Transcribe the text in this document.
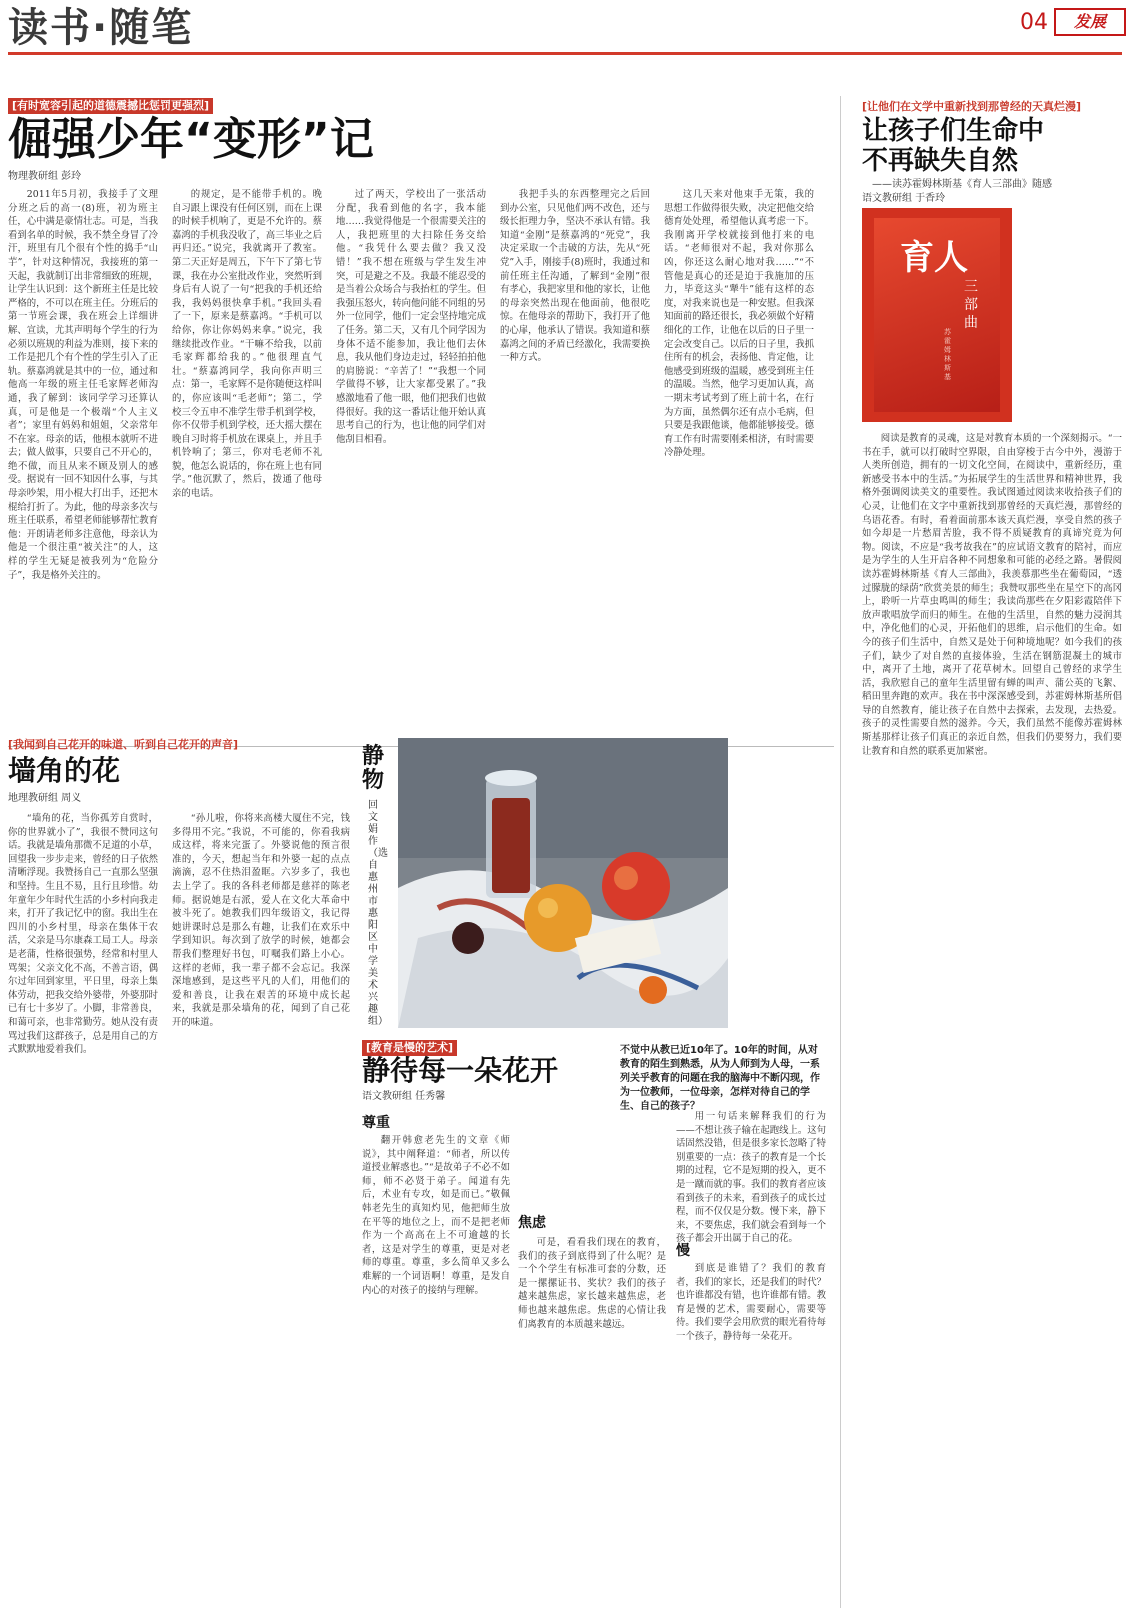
读书·随笔	04	发展
[有时宽容引起的道德震撼比惩罚更强烈]
倔强少年“变形”记
物理教研组 彭玲
2011年5月初，我接手了文理分班之后的高一(8)班，初为班主任，心中满是豪情壮志。可是，当我看到名单的时候，我不禁全身冒了冷汗，班里有几个很有个性的捣手“山芋”，针对这种情况，我接班的第一天起，我就制订出非常细致的班规，让学生认识到：这个新班主任是比较严格的，不可以在班主任。分班后的第一节班会课，我在班会上详细讲解、宣读，尤其声明每个学生的行为必须以班规的利益为准则，接下来的工作是把几个有个性的学生引入了正轨。蔡嘉鸿就是其中的一位，通过和他高一年级的班主任毛家辉老师沟通，我了解到：该同学学习还算认真，可是他是一个极端“个人主义者”；家里有妈妈和姐姐，父亲常年不在家。母亲的话，他根本就听不进去；做人做事，只要自己不开心的，绝不做，而且从来不顾及别人的感受。据说有一回不知因什么事，与其母亲吵架，用小棍大打出手，还把木棍给打折了。为此，他的母亲多次与班主任联系，希望老师能够帮忙教育他：开朗请老师多注意他，母亲认为他是一个很注重“被关注”的人，这样的学生无疑是被我列为“危险分子”，我是格外关注的。
的规定，是不能带手机的。晚自习跟上课没有任何区别，而在上课的时候手机响了，更是不允许的。蔡嘉鸿的手机我没收了，高三毕业之后再归还。”说完，我就离开了教室。第二天正好是周五，下午下了第七节课，我在办公室批改作业，突然听到身后有人说了一句“把我的手机还给我，我妈妈很快拿手机。”我回头看了一下，原来是蔡嘉鸿。“手机可以给你，你让你妈妈来拿。”说完，我继续批改作业。“干嘛不给我，以前毛家辉都给我的。”他很理直气壮。“蔡嘉鸿同学，我向你声明三点：第一，毛家辉不是你随便这样叫的，你应该叫“毛老师”；第二，学校三令五申不准学生带手机到学校，你不仅带手机到学校，还大摇大摆在晚自习时将手机放在课桌上，并且手机铃响了；第三，你对毛老师不礼貌，他怎么说话的，你在班上也有同学。”他沉默了，然后，拨通了他母亲的电话。
过了两天，学校出了一张活动分配，我看到他的名字，我本能地……我觉得他是一个很需要关注的人，我把班里的大扫除任务交给他。“我凭什么要去做？我又没错！”我不想在班级与学生发生冲突，可是避之不及。我最不能忍受的是当着公众场合与我抬杠的学生。但我强压怒火，转向他问能不同组的另外一位同学，他们一定会坚持地完成了任务。第二天，又有几个同学因为身体不适不能参加，我让他们去休息，我从他们身边走过，轻轻拍拍他的肩膀说：“辛苦了！”“我想一个同学做得不够，让大家都受累了。”我感激地看了他一眼，他们把我们也做得很好。我的这一番话让他开始认真思考自己的行为，也让他的同学们对他刮目相看。
我把手头的东西整理完之后回到办公室，只见他们两不改色，还与级长拒理力争，坚决不承认有错。我知道“金刚”是蔡嘉鸿的“死党”，我决定采取一个击破的方法，先从“死党”入手，刚接手(8)班时，我通过和前任班主任沟通，了解到“金刚”很有孝心，我把家里和他的家长，让他的母亲突然出现在他面前，他很吃惊。在他母亲的帮助下，我打开了他的心扉，他承认了错误。我知道和蔡嘉鸿之间的矛盾已经激化，我需要换一种方式。
这几天来对他束手无策，我的思想工作做得很失败，决定把他交给德育处处理，希望他认真考虑一下。我刚离开学校就接到他打来的电话。“老师很对不起，我对你那么凶，你还这么耐心地对我……”“不管他是真心的还是迫于我施加的压力，毕竟这头“犟牛”能有这样的态度，对我来说也是一种安慰。但我深知面前的路还很长，我必须做个好精细化的工作，让他在以后的日子里一定会改变自己。以后的日子里，我抓住所有的机会，表扬他、肯定他，让他感受到班级的温暖，感受到班主任的温暖。当然，他学习更加认真，高一期末考试考到了班上前十名，在行为方面，虽然偶尔还有点小毛病，但只要是我跟他谈，他都能够接受。德育工作有时需要刚柔相济，有时需要冷静处理。
[让他们在文学中重新找到那曾经的天真烂漫]
让孩子们生命中
不再缺失自然
——读苏霍姆林斯基《育人三部曲》随感
语文教研组 于香玲
育人
三部曲
苏霍姆林斯基
阅读是教育的灵魂，这是对教育本质的一个深刻揭示。“一书在手，就可以打破时空界限，自由穿梭于古今中外，漫游于人类所创造，拥有的一切文化空间，在阅读中，重新经历，重新感受书本中的生活。”为拓展学生的生活世界和精神世界，我格外强调阅读美文的重要性。我试图通过阅读来收拾孩子们的心灵，让他们在文字中重新找到那曾经的天真烂漫，那曾经的乌语花香。有时，看着面前那本该天真烂漫，享受自然的孩子如今却是一片愁眉苦脸，我不得不质疑教育的真谛究竟为何物。阅读，不应是“我考故我在”的应试语文教育的陪衬，而应是为学生的人生开启各种不同想象和可能的必经之路。暑假阅读苏霍姆林斯基《育人三部曲》，我羡慕那些坐在葡萄园，“透过朦胧的绿荫”欣赏美景的师生；我赞叹那些坐在星空下的高冈上，聆听一片草虫鸣叫的师生；我读尚那些在夕阳彩霞陪伴下放声歌唱放学而归的师生。在他的生活里，自然的魅力浸润其中，净化他们的心灵，开拓他们的思维，启示他们的生命。如今的孩子们生活中，自然又是处于何种境地呢？如今我们的孩子们，缺少了对自然的直接体验，生活在钢筋混凝土的城市中，离开了土地，离开了花草树木。回望自己曾经的求学生活，我欣慰自己的童年生活里留有蝉的叫声、蒲公英的飞絮、稻田里奔跑的欢声。我在书中深深感受到，苏霍姆林斯基所倡导的自然教育，能让孩子在自然中去探索，去发现，去热爱。孩子的灵性需要自然的滋养。今天，我们虽然不能像苏霍姆林斯基那样让孩子们真正的亲近自然，但我们仍要努力，我们要让教育和自然的联系更加紧密。
[我闻到自己花开的味道、听到自己花开的声音]
墙角的花
地理教研组 周义
“墙角的花，当你孤芳自赏时，你的世界就小了”，我很不赞同这句话。我就是墙角那微不足道的小草，回望我一步步走来，曾经的日子依然清晰浮现。我赞扬自己一直那么坚强和坚持。生且不易，且行且珍惜。幼年童年少年时代生活的小乡村向我走来，打开了我记忆中的窗。我出生在四川的小乡村里，母亲在集体干农活，父亲是马尔康森工局工人。母亲是老蒲，性格很强势，经常和村里人骂架；父亲文化不高，不善言语，偶尔过年回到家里，平日里，母亲上集体劳动，把我交给外婆带，外婆那时已有七十多岁了。小脚，非常善良，和蔼可亲，也非常勤劳。她从没有责骂过我们这群孩子，总是用自己的方式默默地爱着我们。
“孙儿啦，你将来高楼大厦住不完，钱多得用不完。”我说，不可能的，你看我病成这样，将来完蛋了。外婆说他的预言很准的，今天，想起当年和外婆一起的点点滴滴，忍不住热泪盈眶。六岁多了，我也去上学了。我的各科老师都是慈祥的陈老师。据说她是右派，爱人在文化大革命中被斗死了。她教我们四年级语文，我记得她讲课时总是那么有趣，让我们在欢乐中学到知识。每次到了放学的时候，她都会帮我们整理好书包，叮嘱我们路上小心。这样的老师，我一辈子都不会忘记。我深深地感到，是这些平凡的人们，用他们的爱和善良，让我在艰苦的环境中成长起来，我就是那朵墙角的花，闻到了自己花开的味道。
静物
回文娟 作（选自惠州市惠阳区中学美术兴趣组）
[教育是慢的艺术]
静待每一朵花开
语文教研组 任秀馨
不觉中从教已近10年了。10年的时间，从对教育的陌生到熟悉，从为人师到为人母，一系列关乎教育的问题在我的脑海中不断闪现，作为一位教师，一位母亲，怎样对待自己的学生、自己的孩子？
尊重
翻开韩愈老先生的文章《师说》，其中阐释道：“师者，所以传道授业解惑也。”“是故弟子不必不如师，师不必贤于弟子。闻道有先后，术业有专攻，如是而已。”敬佩韩老先生的真知灼见，他把师生放在平等的地位之上，而不是把老师作为一个高高在上不可逾越的长者，这是对学生的尊重，更是对老师的尊重。尊重，多么简单又多么难解的一个词语啊！尊重，是发自内心的对孩子的接纳与理解。
焦虑
可是，看看我们现在的教育，我们的孩子到底得到了什么呢？是一个个学生有标准可套的分数，还是一摞摞证书、奖状？我们的孩子越来越焦虑，家长越来越焦虑，老师也越来越焦虑。焦虑的心情让我们离教育的本质越来越远。
用一句话来解释我们的行为——不想让孩子输在起跑线上。这句话固然没错，但是很多家长忽略了特别重要的一点：孩子的教育是一个长期的过程，它不是短期的投入，更不是一蹴而就的事。我们的教育者应该看到孩子的未来，看到孩子的成长过程，而不仅仅是分数。慢下来，静下来，不要焦虑，我们就会看到每一个孩子都会开出属于自己的花。
慢
到底是谁错了？我们的教育者，我们的家长，还是我们的时代？也许谁都没有错，也许谁都有错。教育是慢的艺术，需要耐心，需要等待。我们要学会用欣赏的眼光看待每一个孩子，静待每一朵花开。
